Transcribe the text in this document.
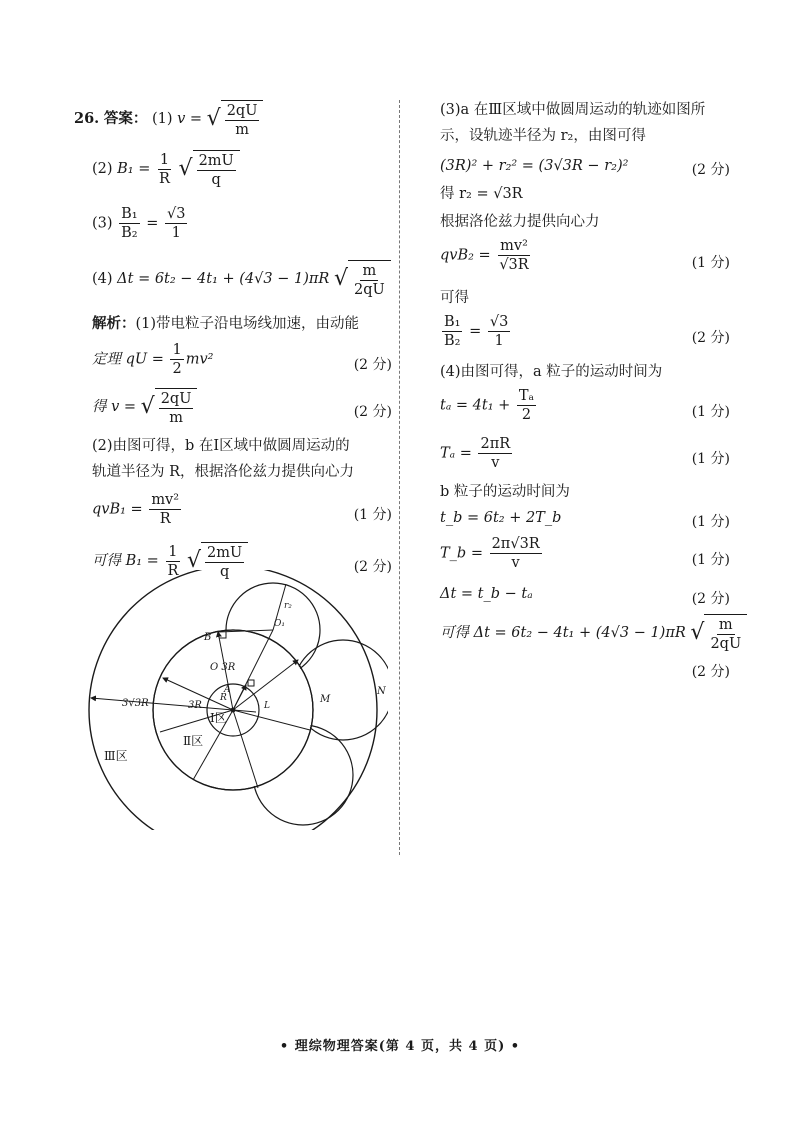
26. 答案： (1) v = √ $\frac{2qU}{m}$
(2) $B_1 = \frac{1}{R}$ √ $\frac{2mU}{q}$
$(3) \frac{\text{B₁}}{\text{B₂}} = \frac{√3}{1}$
(4) Δt = 6t₂ − 4t₁ + (4√3 − 1)πR √ $\frac{m}{2qU}$
解析：(1)带电粒子沿电场线加速，由动能
定理 qU = $\frac{1}{2} mv^2$	(2 分)
得 v = √ $\frac{2qU}{m}$	(2 分)
(2)由图可得，b 在Ⅰ区域中做圆周运动的
轨道半径为 R，根据洛伦兹力提供向心力
$qvB_1 = \frac{\text{mv²}}{R}$	(1 分)
可得 $B_1 = \frac{1}{R}$ √ $\frac{2mU}{q}$	(2 分)
Ⅰ区
Ⅱ区
Ⅲ区
3√3R	3R
O 3R
R
A
B
O₁
r₂
M
N
L
(3)a 在Ⅲ区域中做圆周运动的轨迹如图所
示，设轨迹半径为 r₂，由图可得
(3R)² + r₂² = (3√3R − r₂)²	(2 分)
得 r₂ = √3R
根据洛伦兹力提供向心力
$qvB_2 = \frac{\text{mv²}}{√3R}$	(1 分)
可得
$\frac{\text{B₁}}{\text{B₂}} = \frac{√3}{1}$	(2 分)
(4)由图可得，a 粒子的运动时间为
$t_a = 4t_1 + \frac{\text{Tₐ}}{2}$	(1 分)
$T_a = \frac{2\pi R}{v}$	(1 分)
b 粒子的运动时间为
t_b = 6t₂ + 2T_b	(1 分)
T_b = $\frac{2\pi√3R}{v}$	(1 分)
Δt = t_b − tₐ	(2 分)
可得 Δt = 6t₂ − 4t₁ + (4√3 − 1)πR √ $\frac{m}{2qU}$
(2 分)
• 理综物理答案(第 4 页，共 4 页) •
